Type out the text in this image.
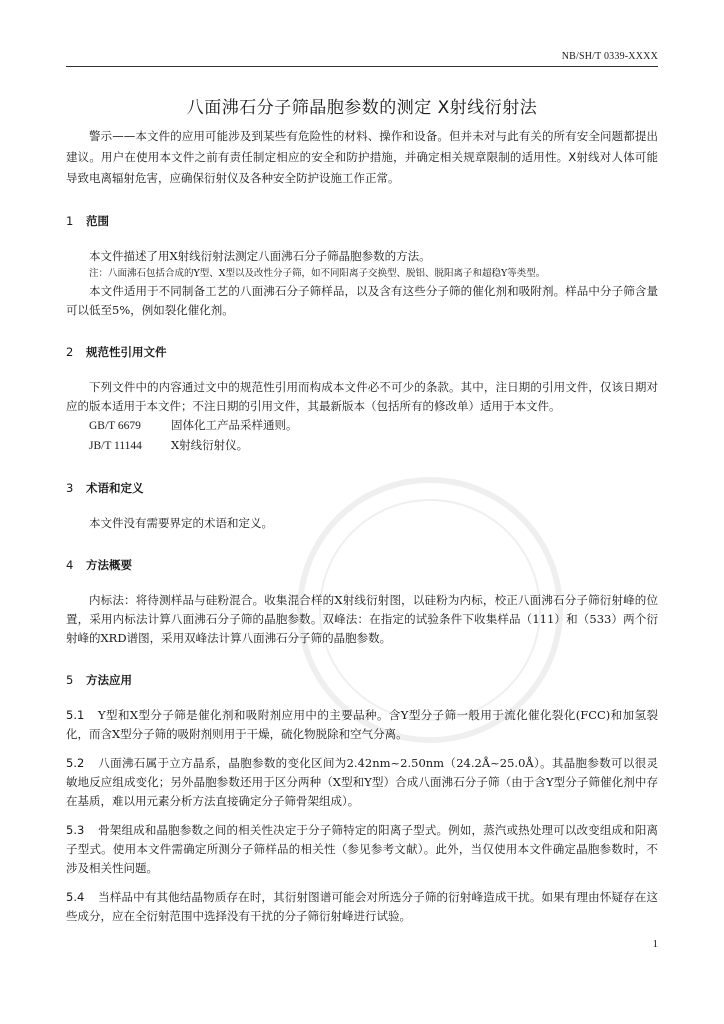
NB/SH/T 0339-XXXX
八面沸石分子筛晶胞参数的测定 X射线衍射法

警示——本文件的应用可能涉及到某些有危险性的材料、操作和设备。但并未对与此有关的所有安全问题都提出建议。用户在使用本文件之前有责任制定相应的安全和防护措施，并确定相关规章限制的适用性。X射线对人体可能导致电离辐射危害，应确保衍射仪及各种安全防护设施工作正常。

1 范围

本文件描述了用X射线衍射法测定八面沸石分子筛晶胞参数的方法。

注：八面沸石包括合成的Y型、X型以及改性分子筛，如不同阳离子交换型、脱铝、脱阳离子和超稳Y等类型。

本文件适用于不同制备工艺的八面沸石分子筛样品，以及含有这些分子筛的催化剂和吸附剂。样品中分子筛含量可以低至5%，例如裂化催化剂。

2 规范性引用文件

下列文件中的内容通过文中的规范性引用而构成本文件必不可少的条款。其中，注日期的引用文件，仅该日期对应的版本适用于本文件；不注日期的引用文件，其最新版本（包括所有的修改单）适用于本文件。

GB/T 6679	固体化工产品采样通则。

JB/T 11144	X射线衍射仪。

3 术语和定义

本文件没有需要界定的术语和定义。

4 方法概要

内标法：将待测样品与硅粉混合。收集混合样的X射线衍射图，以硅粉为内标，校正八面沸石分子筛衍射峰的位置，采用内标法计算八面沸石分子筛的晶胞参数。双峰法：在指定的试验条件下收集样品（111）和（533）两个衍射峰的XRD谱图，采用双峰法计算八面沸石分子筛的晶胞参数。

5 方法应用

5.1 Y型和X型分子筛是催化剂和吸附剂应用中的主要品种。含Y型分子筛一般用于流化催化裂化(FCC)和加氢裂化，而含X型分子筛的吸附剂则用于干燥，硫化物脱除和空气分离。

5.2 八面沸石属于立方晶系，晶胞参数的变化区间为2.42nm~2.50nm（24.2Å~25.0Å）。其晶胞参数可以很灵敏地反应组成变化；另外晶胞参数还用于区分两种（X型和Y型）合成八面沸石分子筛（由于含Y型分子筛催化剂中存在基质，难以用元素分析方法直接确定分子筛骨架组成）。

5.3 骨架组成和晶胞参数之间的相关性决定于分子筛特定的阳离子型式。例如，蒸汽或热处理可以改变组成和阳离子型式。使用本文件需确定所测分子筛样品的相关性（参见参考文献）。此外，当仅使用本文件确定晶胞参数时，不涉及相关性问题。

5.4 当样品中有其他结晶物质存在时，其衍射图谱可能会对所选分子筛的衍射峰造成干扰。如果有理由怀疑存在这些成分，应在全衍射范围中选择没有干扰的分子筛衍射峰进行试验。

1
